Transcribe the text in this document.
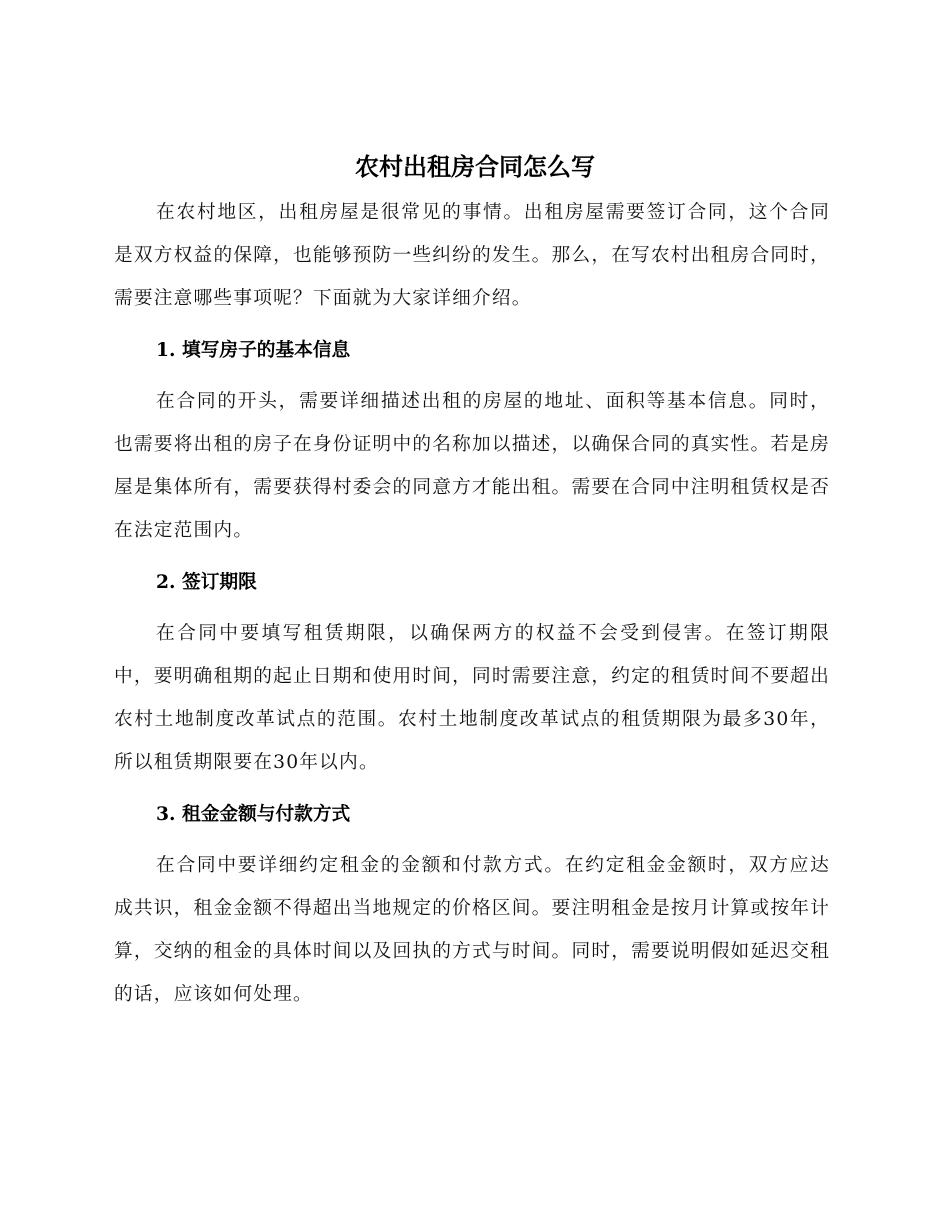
农村出租房合同怎么写

在农村地区，出租房屋是很常见的事情。出租房屋需要签订合同，这个合同是双方权益的保障，也能够预防一些纠纷的发生。那么，在写农村出租房合同时，需要注意哪些事项呢？下面就为大家详细介绍。

1. 填写房子的基本信息

在合同的开头，需要详细描述出租的房屋的地址、面积等基本信息。同时，也需要将出租的房子在身份证明中的名称加以描述，以确保合同的真实性。若是房屋是集体所有，需要获得村委会的同意方才能出租。需要在合同中注明租赁权是否在法定范围内。

2. 签订期限

在合同中要填写租赁期限，以确保两方的权益不会受到侵害。在签订期限中，要明确租期的起止日期和使用时间，同时需要注意，约定的租赁时间不要超出农村土地制度改革试点的范围。农村土地制度改革试点的租赁期限为最多30年，所以租赁期限要在30年以内。

3. 租金金额与付款方式

在合同中要详细约定租金的金额和付款方式。在约定租金金额时，双方应达成共识，租金金额不得超出当地规定的价格区间。要注明租金是按月计算或按年计算，交纳的租金的具体时间以及回执的方式与时间。同时，需要说明假如延迟交租的话，应该如何处理。
